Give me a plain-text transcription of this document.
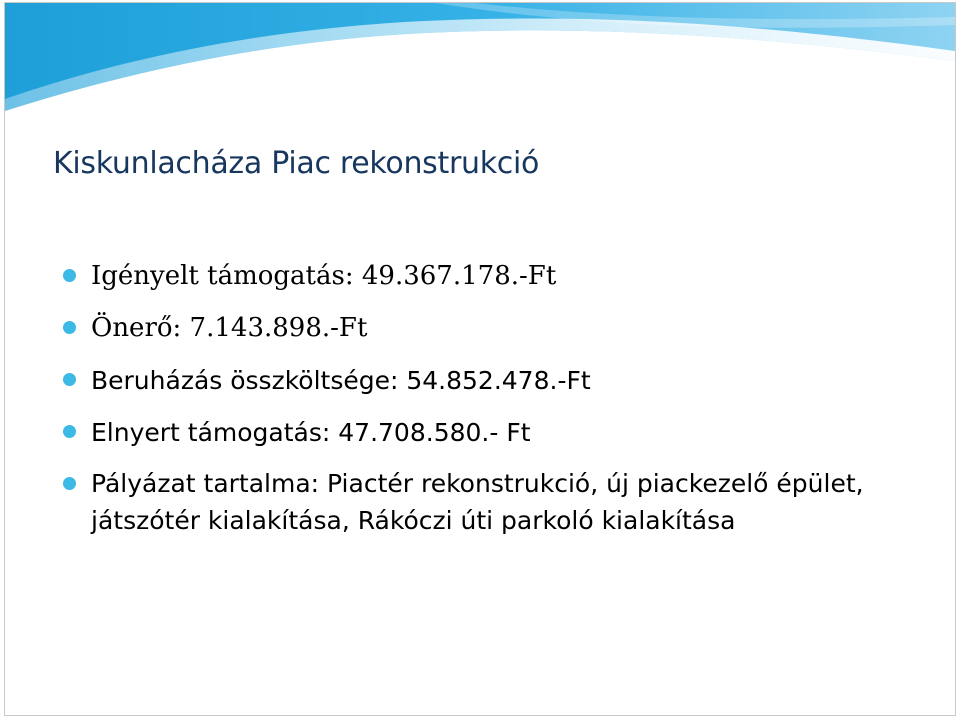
Kiskunlacháza Piac rekonstrukció
Igényelt támogatás: 49.367.178.-Ft
Önerő: 7.143.898.-Ft
Beruházás összköltsége: 54.852.478.-Ft
Elnyert támogatás: 47.708.580.- Ft
Pályázat tartalma: Piactér rekonstrukció, új piackezelő épület, játszótér kialakítása, Rákóczi úti parkoló kialakítása
